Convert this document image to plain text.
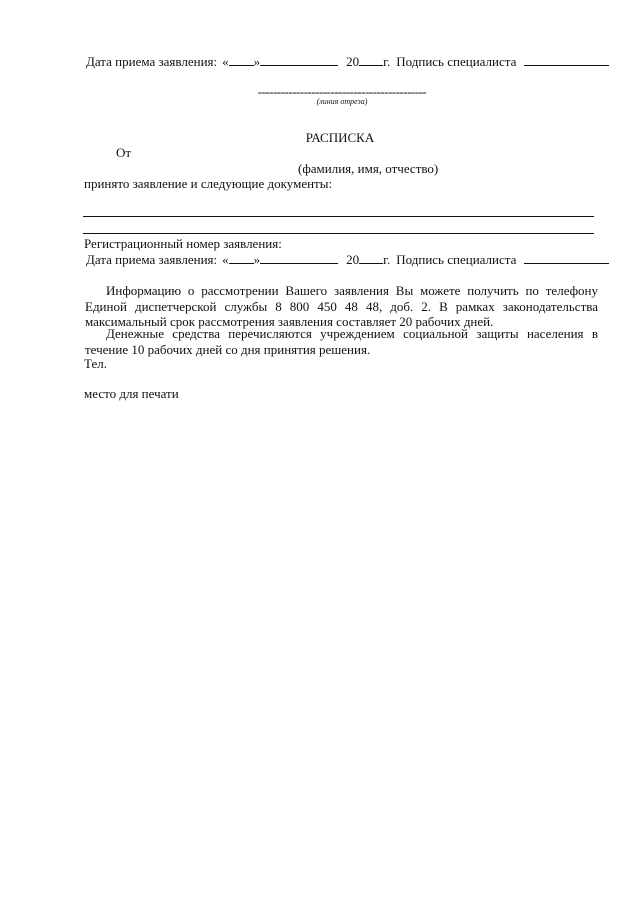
Дата приема заявления: « »	20 г. Подпись специалиста
--------------------------------------------
(линия отреза)
РАСПИСКА
От
(фамилия, имя, отчество)
принято заявление и следующие документы:
Регистрационный номер заявления:
Дата приема заявления: « »	20 г. Подпись специалиста

Информацию о рассмотрении Вашего заявления Вы можете получить по телефону Единой диспетчерской службы 8 800 450 48 48, доб. 2. В рамках законодательства максимальный срок рассмотрения заявления составляет 20 рабочих дней.

Денежные средства перечисляются учреждением социальной защиты населения в течение 10 рабочих дней со дня принятия решения.

Тел.
место для печати
